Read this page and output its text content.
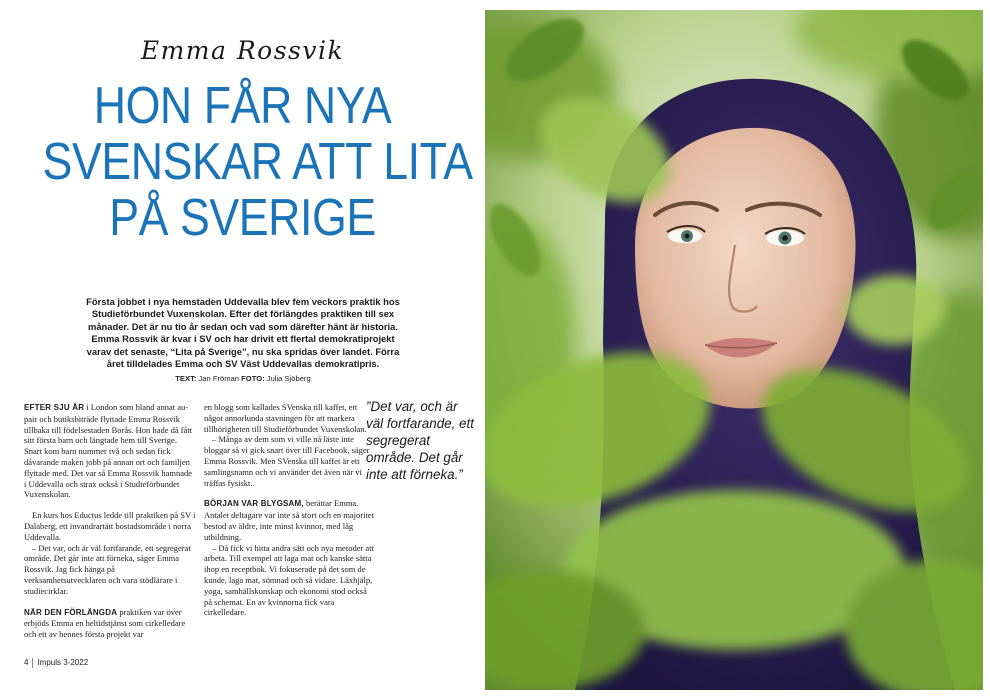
Emma Rossvik
HON FÅR NYA
SVENSKAR ATT LITA
PÅ SVERIGE
Första jobbet i nya hemstaden Uddevalla blev fem veckors praktik hos Studieförbundet Vuxenskolan. Efter det förlängdes praktiken till sex månader. Det är nu tio år sedan och vad som därefter hänt är historia. Emma Rossvik är kvar i SV och har drivit ett flertal demokratiprojekt varav det senaste, “Lita på Sverige”, nu ska spridas över landet. Förra året tilldelades Emma och SV Väst Uddevallas demokratipris.
TEXT: Jan Fröman FOTO: Julia Sjöberg

EFTER SJU ÅR i London som bland annat au-pair och butiksbiträde flyttade Emma Rossvik tillbaka till födelsestaden Borås. Hon hade då fått sitt första barn och längtade hem till Sverige. Snart kom barn nummer två och sedan fick dåvarande maken jobb på annan ort och familjen flyttade med. Det var så Emma Rossvik hamnade i Uddevalla och strax också i Studieförbundet Vuxenskolan.

En kurs hos Eductus ledde till praktiken på SV i Dalaberg, ett invandrartätt bostadsområde i norra Uddevalla.

– Det var, och är väl fortfarande, ett segregerat område. Det går inte att förneka, säger Emma Rossvik. Jag fick hänga på verksamhetsutvecklaren och vara stödlärare i studiecirklar.

NÄR DEN FÖRLÄNGDA praktiken var över erbjöds Emma en heltidstjänst som cirkelledare och ett av hennes första projekt var

en blogg som kallades SVenska till kaffet, ett något annorlunda stavningen för att markera tillhörigheten till Studieförbundet Vuxenskolan.

– Många av dem som vi ville nå läste inte bloggar så vi gick snart över till Facebook, säger Emma Rossvik. Men SVenska till kaffet är ett samlingsnamn och vi använder det även när vi träffas fysiskt.

BÖRJAN VAR BLYGSAM, berättar Emma. Antalet deltagare var inte så stort och en majoritet bestod av äldre, inte minst kvinnor, med låg utbildning.

– Då fick vi hitta andra sätt och nya metoder att arbeta. Till exempel att laga mat och kanske sätta ihop en receptbok. Vi fokuserade på det som de kunde, laga mat, sömnad och så vidare. Läxhjälp, yoga, samhällskunskap och ekonomi stod också på schemat. En av kvinnorna fick vara cirkelledare.

”Det var, och är väl fortfarande, ett segregerat område. Det går inte att förneka.”
4 Impuls 3-2022
